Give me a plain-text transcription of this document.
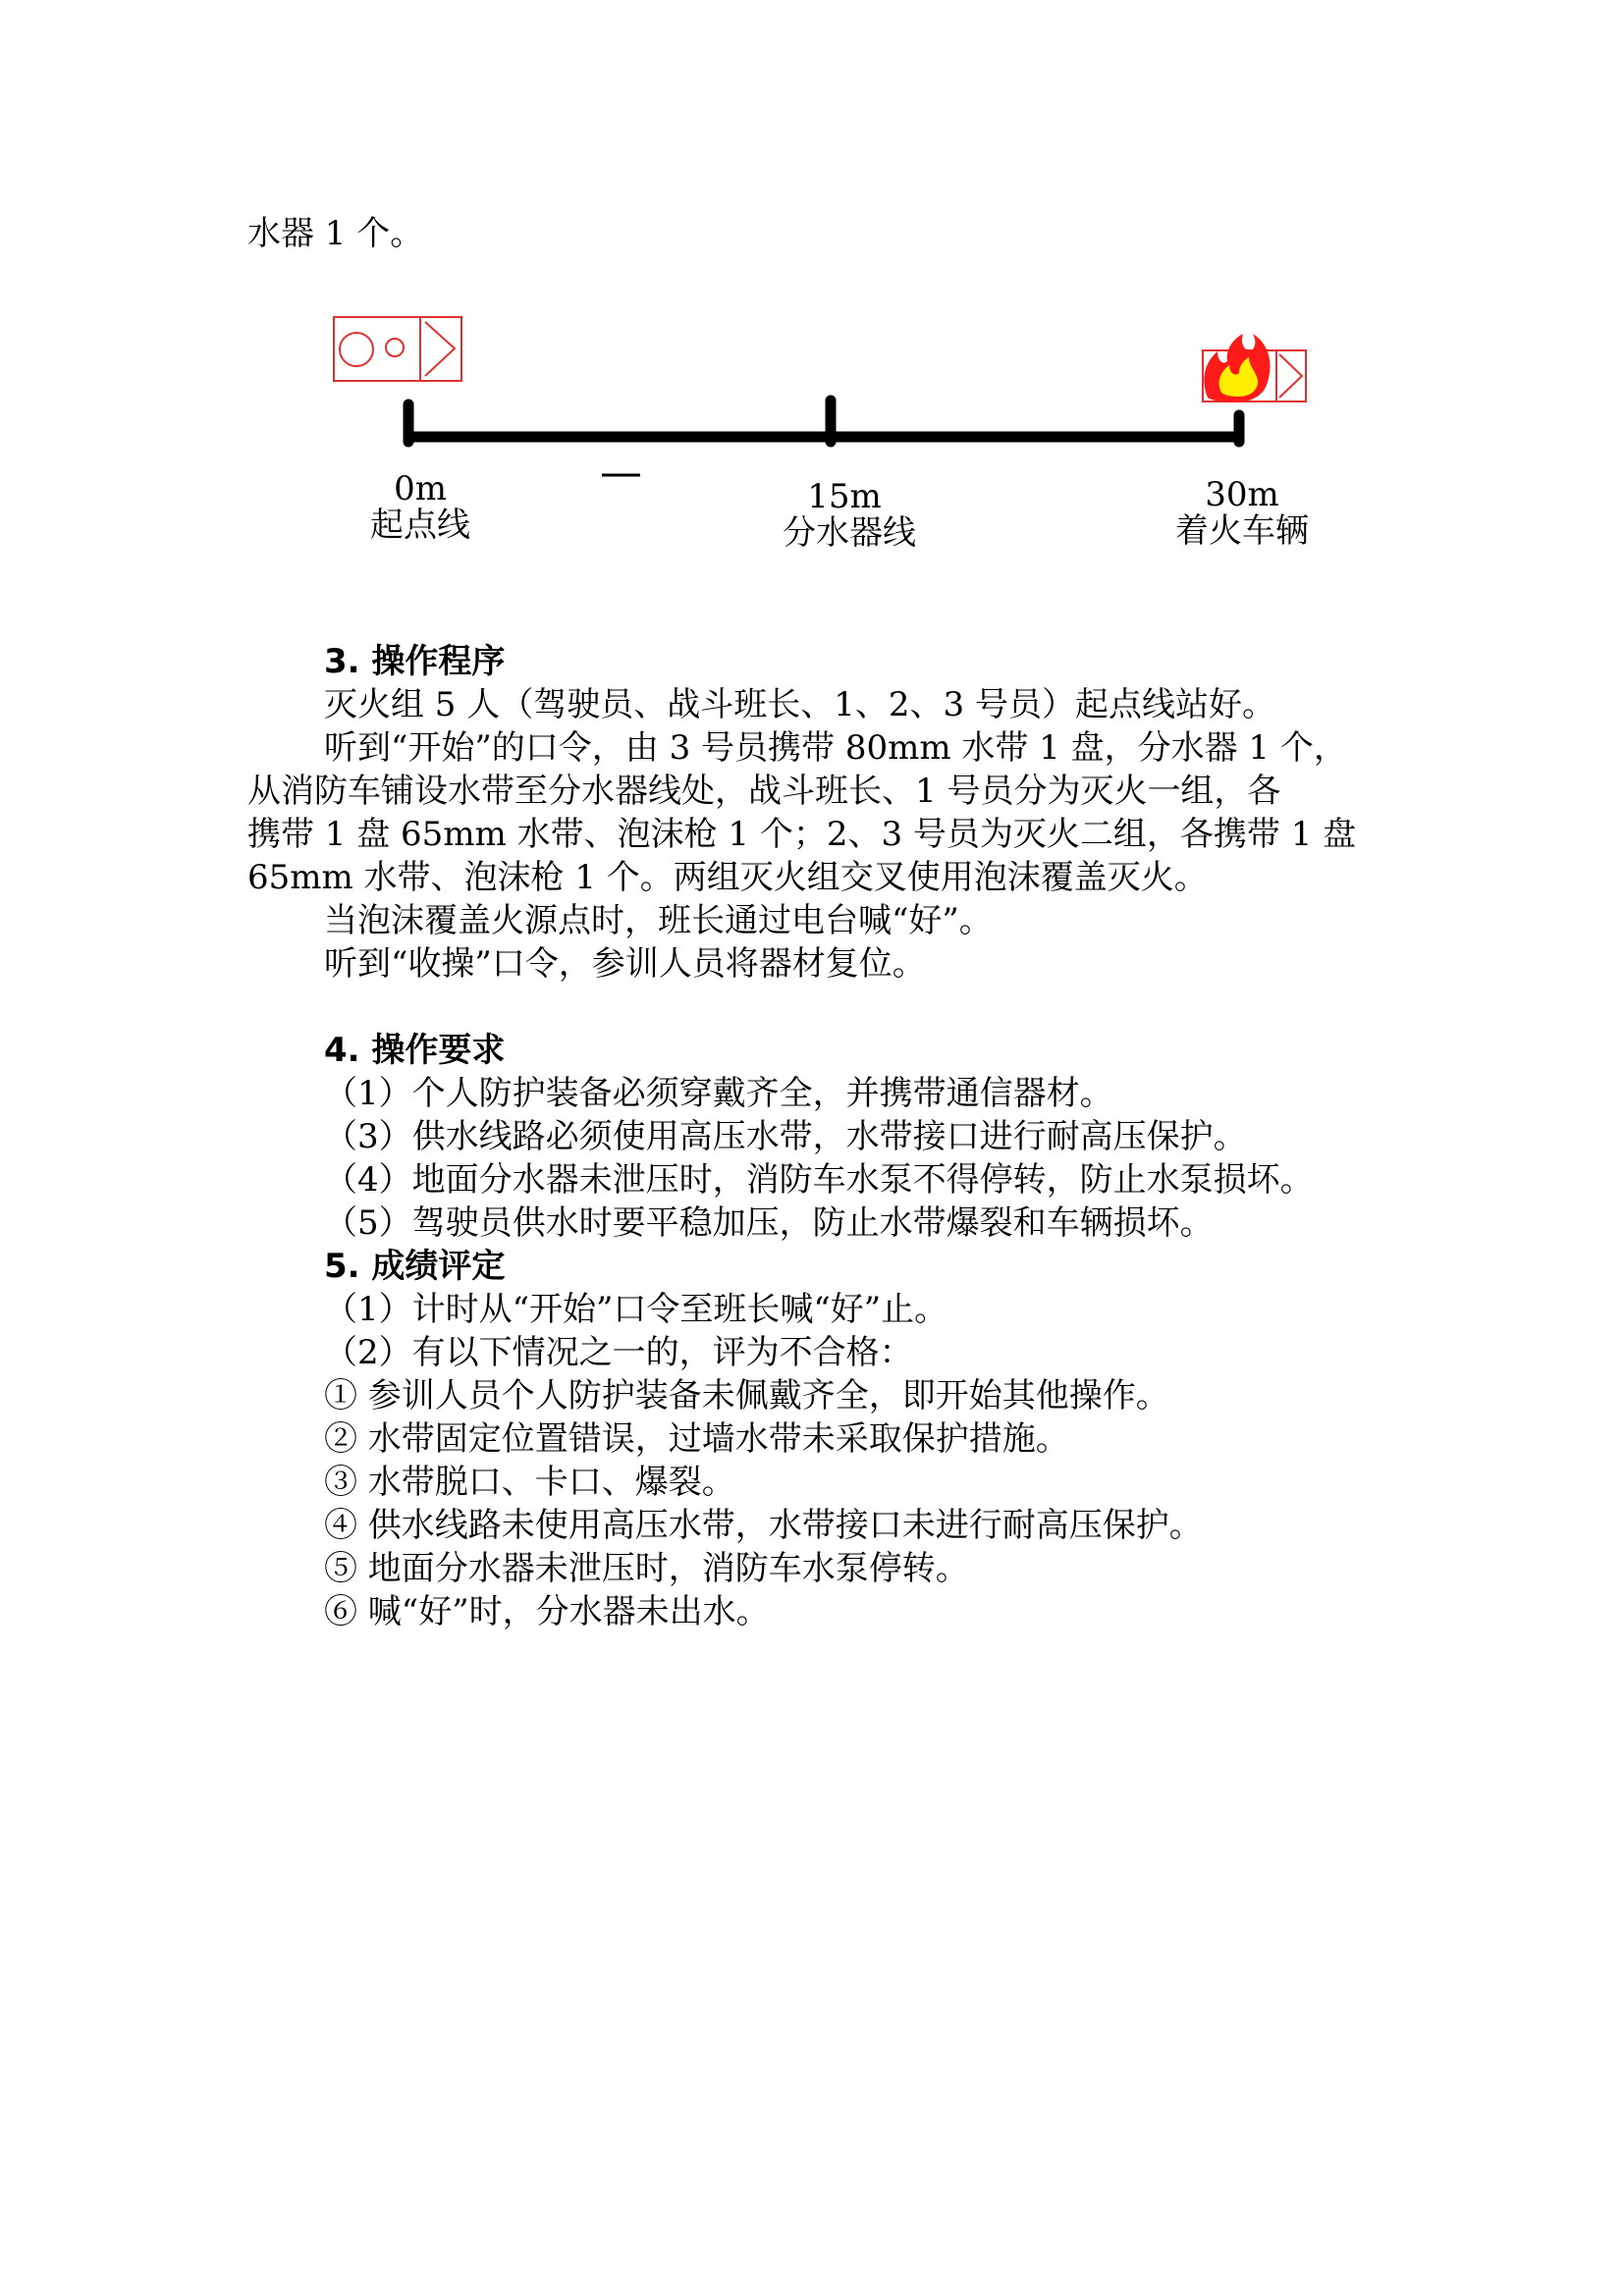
水器 1 个。
0m
起点线
15m
分水器线
30m
着火车辆
3. 操作程序
灭火组 5 人（驾驶员、战斗班长、1、2、3 号员）起点线站好。
听到“开始”的口令，由 3 号员携带 80mm 水带 1 盘，分水器 1 个，
从消防车铺设水带至分水器线处，战斗班长、1 号员分为灭火一组，各
携带 1 盘 65mm 水带、泡沫枪 1 个；2、3 号员为灭火二组，各携带 1 盘
65mm 水带、泡沫枪 1 个。两组灭火组交叉使用泡沫覆盖灭火。
当泡沫覆盖火源点时，班长通过电台喊“好”。
听到“收操”口令，参训人员将器材复位。
4. 操作要求
（1）个人防护装备必须穿戴齐全，并携带通信器材。
（3）供水线路必须使用高压水带，水带接口进行耐高压保护。
（4）地面分水器未泄压时，消防车水泵不得停转，防止水泵损坏。
（5）驾驶员供水时要平稳加压，防止水带爆裂和车辆损坏。
5. 成绩评定
（1）计时从“开始”口令至班长喊“好”止。
（2）有以下情况之一的，评为不合格：
① 参训人员个人防护装备未佩戴齐全，即开始其他操作。
② 水带固定位置错误，过墙水带未采取保护措施。
③ 水带脱口、卡口、爆裂。
④ 供水线路未使用高压水带，水带接口未进行耐高压保护。
⑤ 地面分水器未泄压时，消防车水泵停转。
⑥ 喊“好”时，分水器未出水。
